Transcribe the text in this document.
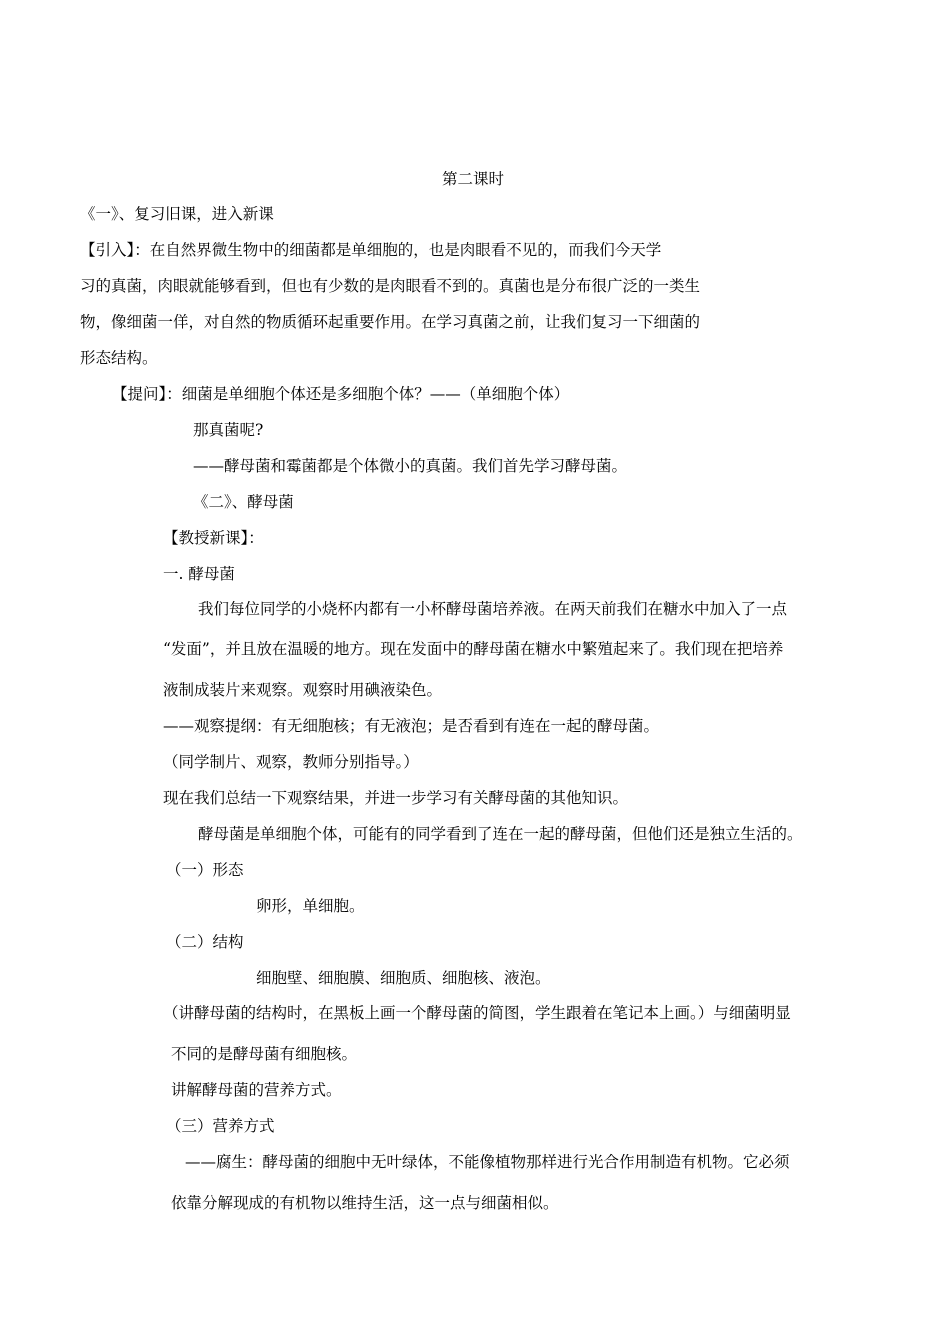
第二课时
《一》、复习旧课，进入新课
【引入】：在自然界微生物中的细菌都是单细胞的，也是肉眼看不见的，而我们今天学
习的真菌，肉眼就能够看到，但也有少数的是肉眼看不到的。真菌也是分布很广泛的一类生
物，像细菌一佯，对自然的物质循环起重要作用。在学习真菌之前，让我们复习一下细菌的
形态结构。
【提问】：细菌是单细胞个体还是多细胞个体？——（单细胞个体）
那真菌呢?
——酵母菌和霉菌都是个体微小的真菌。我们首先学习酵母菌。
《二》、酵母菌
【教授新课】：
一. 酵母菌
我们每位同学的小烧杯内都有一小杯酵母菌培养液。在两天前我们在糖水中加入了一点
“发面”，并且放在温暖的地方。现在发面中的酵母菌在糖水中繁殖起来了。我们现在把培养
液制成装片来观察。观察时用碘液染色。
——观察提纲：有无细胞核；有无液泡；是否看到有连在一起的酵母菌。
（同学制片、观察，教师分别指导。）
现在我们总结一下观察结果，并进一步学习有关酵母菌的其他知识。
酵母菌是单细胞个体，可能有的同学看到了连在一起的酵母菌，但他们还是独立生活的。
（一）形态
卵形，单细胞。
（二）结构
细胞壁、细胞膜、细胞质、细胞核、液泡。
（讲酵母菌的结构时，在黑板上画一个酵母菌的简图，学生跟着在笔记本上画。）与细菌明显
不同的是酵母菌有细胞核。
讲解酵母菌的营养方式。
（三）营养方式
——腐生：酵母菌的细胞中无叶绿体，不能像植物那样进行光合作用制造有机物。它必须
依靠分解现成的有机物以维持生活，这一点与细菌相似。
